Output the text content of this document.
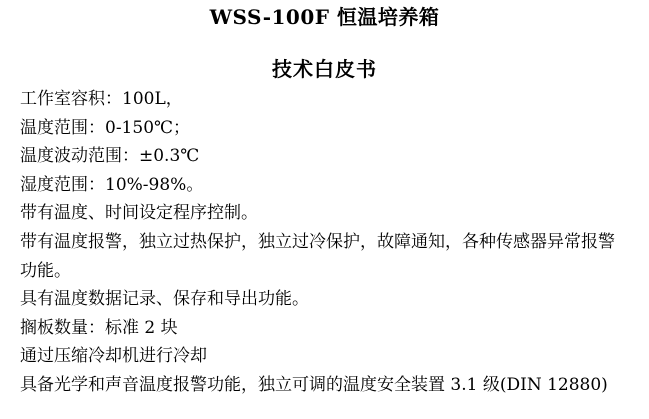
WSS-100F 恒温培养箱
技术白皮书
工作室容积：100L，
温度范围：0-150℃；
温度波动范围：±0.3℃
湿度范围：10%-98%。
带有温度、时间设定程序控制。
带有温度报警，独立过热保护，独立过冷保护，故障通知，各种传感器异常报警
功能。
具有温度数据记录、保存和导出功能。
搁板数量：标准 2 块
通过压缩冷却机进行冷却
具备光学和声音温度报警功能，独立可调的温度安全装置 3.1 级(DIN 12880)
